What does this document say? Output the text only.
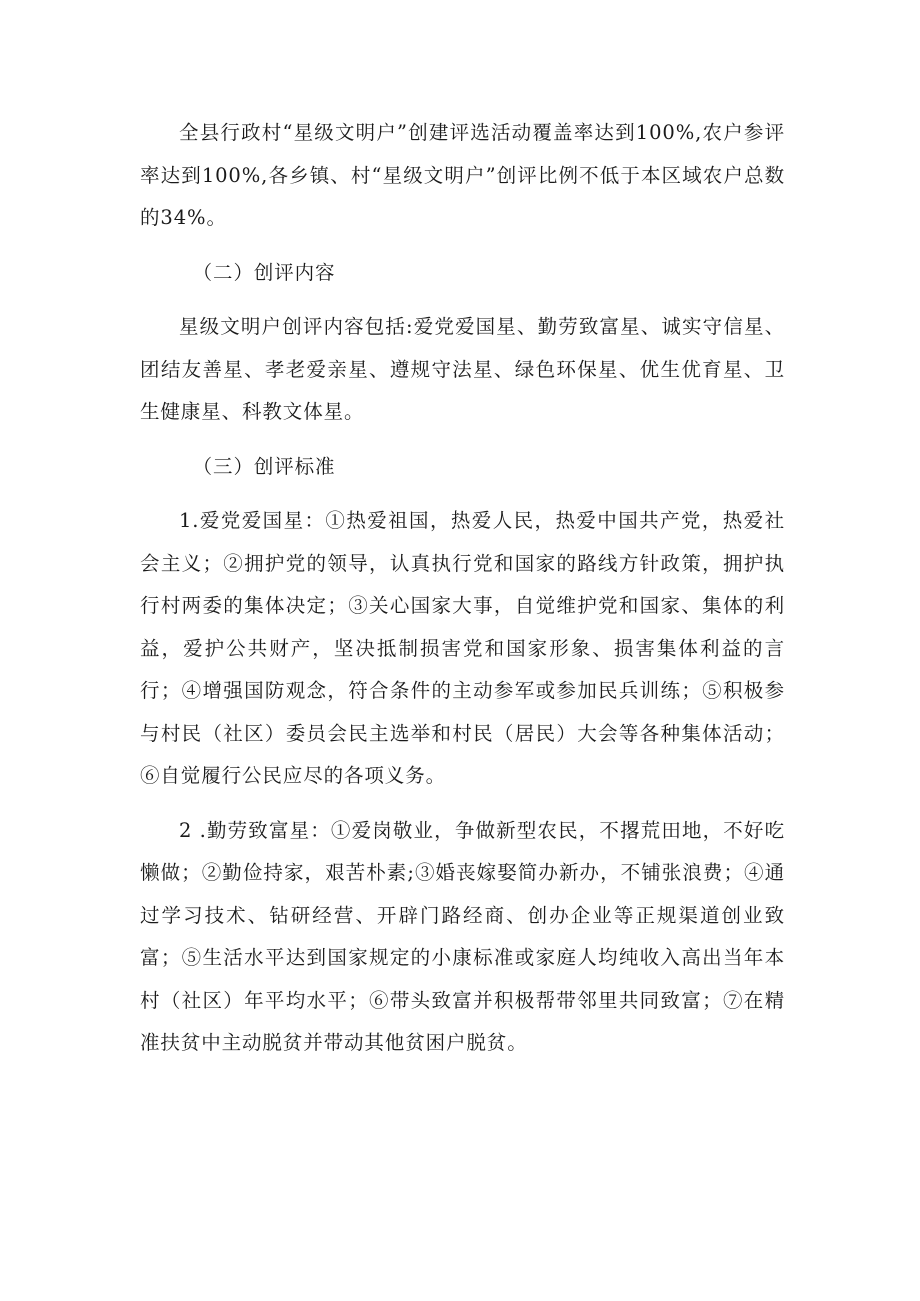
全县行政村“星级文明户”创建评选活动覆盖率达到100%,农户参评率达到100%,各乡镇、村“星级文明户”创评比例不低于本区域农户总数的34%。

（二）创评内容

星级文明户创评内容包括:爱党爱国星、勤劳致富星、诚实守信星、团结友善星、孝老爱亲星、遵规守法星、绿色环保星、优生优育星、卫生健康星、科教文体星。

（三）创评标准

1.爱党爱国星：①热爱祖国，热爱人民，热爱中国共产党，热爱社会主义；②拥护党的领导，认真执行党和国家的路线方针政策，拥护执行村两委的集体决定；③关心国家大事，自觉维护党和国家、集体的利益，爱护公共财产，坚决抵制损害党和国家形象、损害集体利益的言行；④增强国防观念，符合条件的主动参军或参加民兵训练；⑤积极参与村民（社区）委员会民主选举和村民（居民）大会等各种集体活动；⑥自觉履行公民应尽的各项义务。

2 .勤劳致富星：①爱岗敬业，争做新型农民，不撂荒田地，不好吃懒做；②勤俭持家，艰苦朴素;③婚丧嫁娶简办新办，不铺张浪费；④通过学习技术、钻研经营、开辟门路经商、创办企业等正规渠道创业致富；⑤生活水平达到国家规定的小康标准或家庭人均纯收入高出当年本村（社区）年平均水平；⑥带头致富并积极帮带邻里共同致富；⑦在精准扶贫中主动脱贫并带动其他贫困户脱贫。
